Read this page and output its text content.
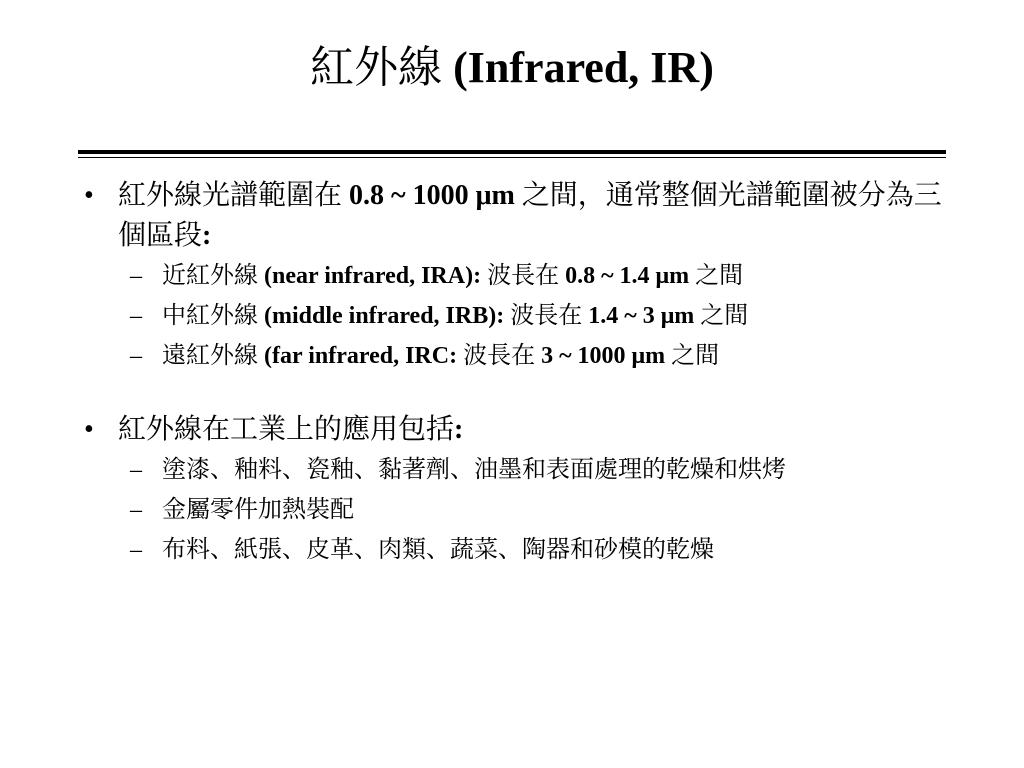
紅外線 (Infrared, IR)
• 紅外線光譜範圍在 0.8 ~ 1000 μm 之間，通常整個光譜範圍被分為三個區段:
– 近紅外線 (near infrared, IRA): 波長在 0.8 ~ 1.4 μm 之間
– 中紅外線 (middle infrared, IRB): 波長在 1.4 ~ 3 μm 之間
– 遠紅外線 (far infrared, IRC: 波長在 3 ~ 1000 μm 之間
• 紅外線在工業上的應用包括:
– 塗漆、釉料、瓷釉、黏著劑、油墨和表面處理的乾燥和烘烤
– 金屬零件加熱裝配
– 布料、紙張、皮革、肉類、蔬菜、陶器和砂模的乾燥
